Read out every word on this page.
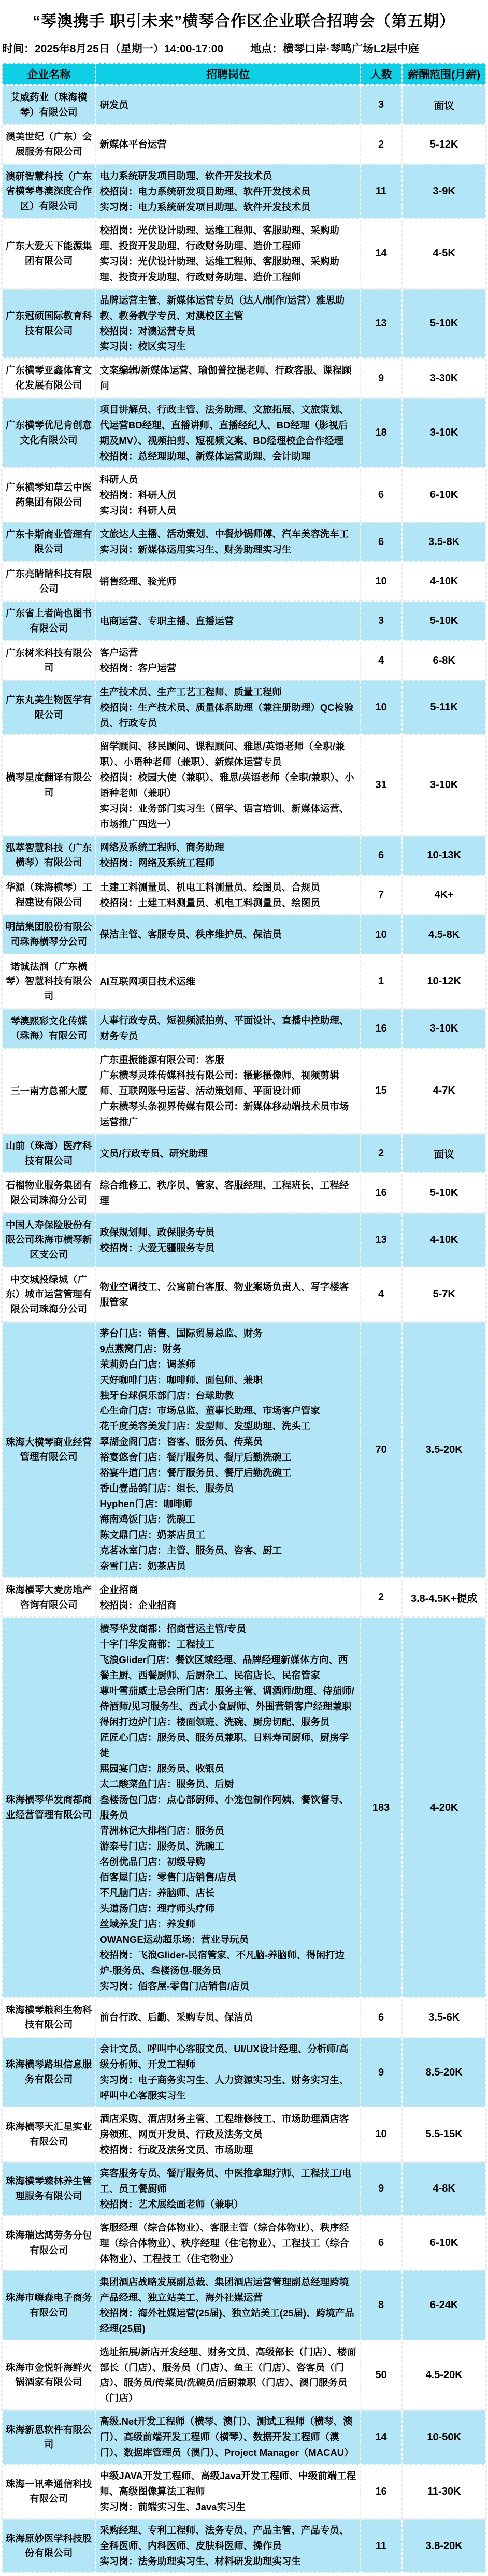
“琴澳携手 职引未来”横琴合作区企业联合招聘会（第五期）
时间：2025年8月25日（星期一）14:00-17:00 地点：横琴口岸·琴鸣广场L2层中庭
企业名称	招聘岗位	人数	薪酬范围(月薪)
艾威药业（珠海横琴）有限公司	研发员	3	面议
澳美世纪（广东）会展服务有限公司	新媒体平台运营	2	5-12K
澳研智慧科技（广东省横琴粤澳深度合作区）有限公司	电力系统研发项目助理、软件开发技术员
校招岗：电力系统研发项目助理、软件开发技术员
实习岗：电力系统研发项目助理、软件开发技术员	11	3-9K
广东大爱天下能源集团有限公司	校招岗：光伏设计助理、运维工程师、客服助理、采购助理、投资开发助理、行政财务助理、造价工程师
实习岗：光伏设计助理、运维工程师、客服助理、采购助理、投资开发助理、行政财务助理、造价工程师	14	4-5K
广东冠硕国际教育科技有限公司	品牌运营主管、新媒体运营专员（达人/制作/运营）雅思助教、教务教学专员、对澳校区主管
校招岗：对澳运营专员
实习岗：校区实习生	13	5-10K
广东横琴亚鑫体育文化发展有限公司	文案编辑/新媒体运营、瑜伽普拉提老师、行政客服、课程顾问	9	3-30K
广东横琴优尼肯创意文化有限公司	项目讲解员、行政主管、法务助理、文旅拓展、文旅策划、代运营BD经理、直播讲师、直播经纪人、BD经理（影视后期及MV）、视频拍剪、短视频文案、BD经理校企合作经理
校招岗：总经理助理、新媒体运营助理、会计助理	18	3-10K
广东横琴知草云中医药集团有限公司	科研人员
校招岗：科研人员
实习岗：科研人员	6	6-10K
广东卡斯商业管理有限公司	文旅达人主播、活动策划、中餐炒锅师傅、汽车美容洗车工
实习岗：新媒体运用实习生、财务助理实习生	6	3.5-8K
广东亮睛睛科技有限公司	销售经理、验光师	10	4-10K
广东省上者尚也图书有限公司	电商运营、专职主播、直播运营	3	5-10K
广东树米科技有限公司	客户运营
校招岗：客户运营	4	6-8K
广东丸美生物医学有限公司	生产技术员、生产工艺工程师、质量工程师
校招岗：生产技术员、质量体系助理（兼注册助理）QC检验员、行政专员	10	5-11K
横琴星度翻译有限公司	留学顾问、移民顾问、课程顾问、雅思/英语老师（全职/兼职）、小语种老师（兼职）、新媒体运营专员
校招岗：校园大使（兼职）、雅思/英语老师（全职/兼职）、小语种老师（兼职）
实习岗：业务部门实习生（留学、语言培训、新媒体运营、市场推广四选一）	31	3-10K
泓萃智慧科技（广东横琴）有限公司	网络及系统工程师、商务助理
校招岗：网络及系统工程师	6	10-13K
华源（珠海横琴）工程建设有限公司	土建工料测量员、机电工料测量员、绘图员、合规员
校招岗：土建工料测量员、机电工料测量员、绘图员	7	4K+
明喆集团股份有限公司珠海横琴分公司	保洁主管、客服专员、秩序维护员、保洁员	10	4.5-8K
诺诚法润（广东横琴）智慧科技有限公司	AI互联网项目技术运维	1	10-12K
琴澳熙彩文化传媒（珠海）有限公司	人事行政专员、短视频派拍剪、平面设计、直播中控助理、财务专员	16	3-10K
三一南方总部大厦	广东重振能源有限公司：客服
广东横琴灵珠传媒科技有限公司：摄影摄像师、视频剪辑师、互联网账号运营、活动策划师、平面设计师
广东横琴头条视界传媒有限公司：新媒体移动端技术员市场运营推广	15	4-7K
山前（珠海）医疗科技有限公司	文员/行政专员、研究助理	2	面议
石榴物业服务集团有限公司珠海分公司	综合维修工、秩序员、管家、客服经理、工程班长、工程经理	16	5-10K
中国人寿保险股份有限公司珠海市横琴新区支公司	政保规划师、政保服务专员
校招岗：大爱无疆服务专员	13	4-10K
中交城投绿城（广东）城市运营管理有限公司珠海分公司	物业空调技工、公寓前台客服、物业案场负责人、写字楼客服管家	4	5-7K
珠海大横琴商业经营管理有限公司	
茅台门店：销售、国际贸易总监、财务
9点燕窝门店：财务
茉莉奶白门店：调茶师
天好咖啡门店：咖啡师、面包师、兼职
独牙台球俱乐部门店：台球助教
心生命门店：市场总监、董事长助理、市场客户管家
花千度美容美发门店：发型师、发型助理、洗头工
翠湖金阁门店：咨客、服务员、传菜员
裕宴悠舍门店：餐厅服务员、餐厅后勤洗碗工
裕宴牛道门店：餐厅服务员、餐厅后勤洗碗工
香山壹品鸽门店：组长、服务员
Hyphen门店：咖啡师
海南鸡饭门店：洗碗工
陈文鼎门店：奶茶店员工
克茗冰室门店：主管、服务员、咨客、厨工
奈雪门店：奶茶店员
	70	3.5-20K
珠海横琴大麦房地产咨询有限公司	企业招商
校招岗：企业招商	2	3.8-4.5K+提成
珠海横琴华发商都商业经营管理有限公司	
横琴华发商都：招商营运主管/专员
十字门华发商都：工程技工
飞浪Glider门店：餐饮区域经理、品牌经理新媒体方向、西餐主厨、西餐厨师、后厨杂工、民宿店长、民宿管家
尊叶雪茄威士忌会所门店：服务主管、调酒师/助理、侍茄师/侍酒师/见习服务生、西式小食厨师、外围营销客户经理兼职
得闲打边炉门店：楼面领班、洗碗、厨房切配、服务员
匠匠心门店：服务员、服务员兼职、日料寿司厨师、厨房学徒
熙园宴门店：服务员、收银员
太二酸菜鱼门店：服务员、后厨
叁楼汤包门店：点心部厨师、小笼包制作阿姨、餐饮督导、服务员
青洲林记大排档门店：服务员
游泰号门店：服务员、洗碗工
名创优品门店：初级导购
佰客屋门店：零售门店销售/店员
不凡脑门店：养脑师、店长
头道汤门店：理疗师头疗师
丝域养发门店：养发师
OWANGE运动超乐场：营业导玩员
校招岗：飞浪Glider-民宿管家、不凡脑-养脑师、得闲打边炉-服务员、叁楼汤包-服务员
实习岗：佰客屋-零售门店销售/店员
	183	4-20K
珠海横琴粮科生物科技有限公司	前台行政、后勤、采购专员、保洁员	6	3.5-6K
珠海横琴路坦信息服务有限公司	会计文员、呼叫中心客服文员、UI/UX设计经理、分析师/高级分析师、开发工程师
实习岗：电子商务实习生、人力资源实习生、财务实习生、呼叫中心客服实习生	9	8.5-20K
珠海横琴天汇星实业有限公司	酒店采购、酒店财务主管、工程维修技工、市场助理酒店客房领班、网页开发员、行政及法务文员
校招岗：行政及法务文员、市场助理	10	5.5-15K
珠海横琴臻林养生管理服务有限公司	宾客服务专员、餐厅服务员、中医推拿理疗师、工程技工/电工、员工餐厨师
校招岗：艺术展绘画老师（兼职）	9	4-8K
珠海瑞达鸿劳务分包有限公司	客服经理（综合体物业）、客服主管（综合体物业）、秩序经理（综合体物业）、秩序经理（住宅物业）、工程技工（综合体物业）、工程技工（住宅物业）	6	6-10K
珠海市嗨森电子商务有限公司	集团酒店战略发展副总裁、集团酒店运营管理副总经理跨境产品经理、独立站美工、海外社媒运营
校招岗：海外社媒运营(25届)、独立站美工(25届)、跨境产品经理(25届)	8	6-24K
珠海市金悦轩海鲜火锅酒家有限公司	选址拓展/新店开发经理、财务文员、高级部长（门店）、楼面部长（门店）、服务员（门店）、鱼王（门店）、咨客员（门店）、服务员/传菜员/洗碗员/后厨兼职（门店）、澳门服务员（门店）	50	4.5-20K
珠海新思软件有限公司	高级.Net开发工程师（横琴、澳门）、测试工程师（横琴、澳门）、高级前端开发工程师（横琴）、数据开发工程师（澳门）、数据库管理员（澳门）、Project Manager（MACAU）	14	10-50K
珠海一讯牵通信科技有限公司	中级JAVA开发工程师、高级Java开发工程师、中级前端工程师、高级图像算法工程师
实习岗：前端实习生、Java实习生	16	11-30K
珠海原妙医学科技股份有限公司	采购经理、专利工程师、法务专员、产品主管、产品专员、全科医师、内科医师、皮肤科医师、操作员
实习岗：法务助理实习生、材料研发助理实习生	11	3.8-20K
